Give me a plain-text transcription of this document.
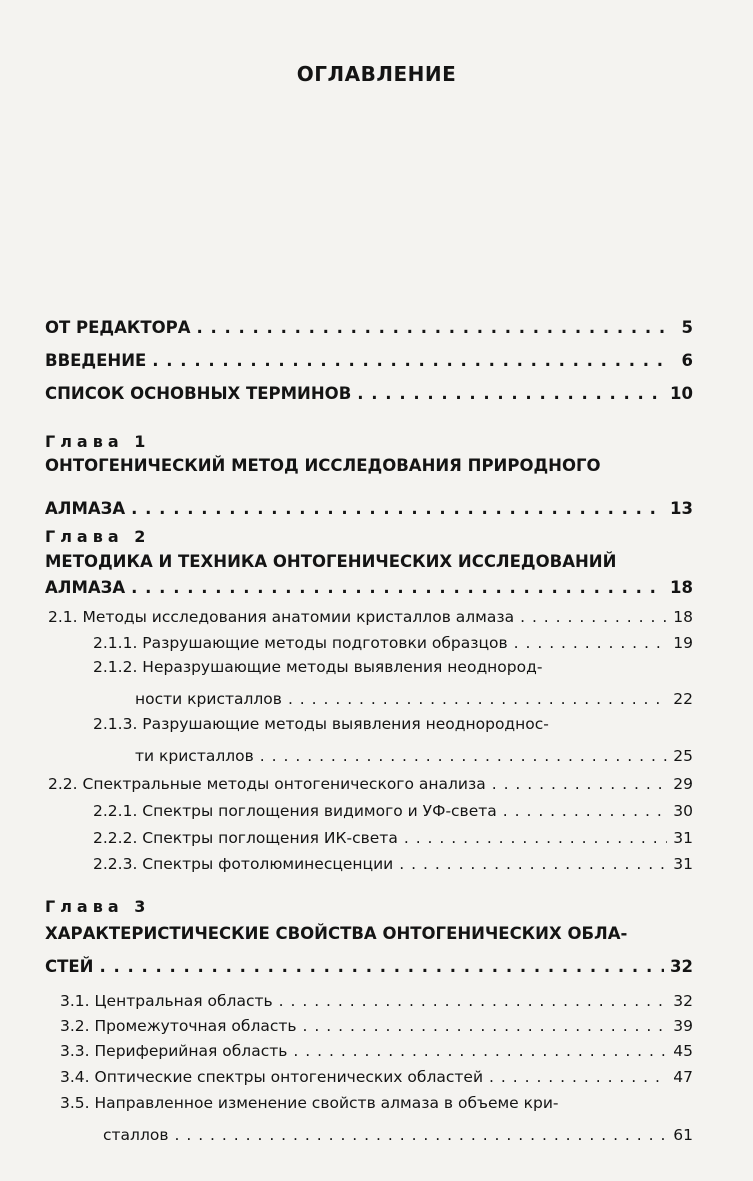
ОГЛАВЛЕНИЕ
ОТ РЕДАКТОРА . . .	5
ВВЕДЕНИЕ . . .	6
СПИСОК ОСНОВНЫХ ТЕРМИНОВ . . .	10
Глава 1
ОНТОГЕНИЧЕСКИЙ МЕТОД ИССЛЕДОВАНИЯ ПРИРОДНОГО
АЛМАЗА . . .	13
Глава 2
МЕТОДИКА И ТЕХНИКА ОНТОГЕНИЧЕСКИХ ИССЛЕДОВАНИЙ
АЛМАЗА . . .	18
2.1. Методы исследования анатомии кристаллов алмаза . . .	18
2.1.1. Разрушающие методы подготовки образцов . . .	19
2.1.2. Неразрушающие методы выявления неоднород-
ности кристаллов . . .	22
2.1.3. Разрушающие методы выявления неоднороднос-
ти кристаллов . . .	25
2.2. Спектральные методы онтогенического анализа . . .	29
2.2.1. Спектры поглощения видимого и УФ-света . . .	30
2.2.2. Спектры поглощения ИК-света . . .	31
2.2.3. Спектры фотолюминесценции . . .	31
Глава 3
ХАРАКТЕРИСТИЧЕСКИЕ СВОЙСТВА ОНТОГЕНИЧЕСКИХ ОБЛА-
СТЕЙ . . .	32
3.1. Центральная область . . .	32
3.2. Промежуточная область . . .	39
3.3. Периферийная область . . .	45
3.4. Оптические спектры онтогенических областей . . .	47
3.5. Направленное изменение свойств алмаза в объеме кри-
сталлов . . .	61
